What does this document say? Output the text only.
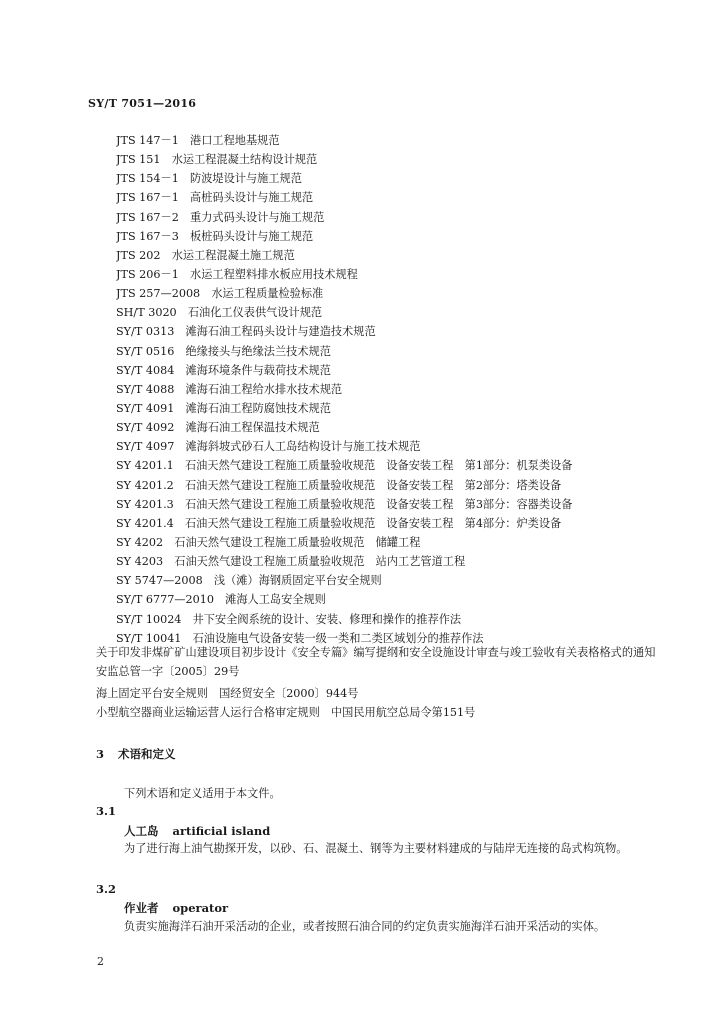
SY/T 7051—2016
JTS 147－1　港口工程地基规范
JTS 151　水运工程混凝土结构设计规范
JTS 154－1　防波堤设计与施工规范
JTS 167－1　高桩码头设计与施工规范
JTS 167－2　重力式码头设计与施工规范
JTS 167－3　板桩码头设计与施工规范
JTS 202　水运工程混凝土施工规范
JTS 206－1　水运工程塑料排水板应用技术规程
JTS 257—2008　水运工程质量检验标准
SH/T 3020　石油化工仪表供气设计规范
SY/T 0313　滩海石油工程码头设计与建造技术规范
SY/T 0516　绝缘接头与绝缘法兰技术规范
SY/T 4084　滩海环境条件与载荷技术规范
SY/T 4088　滩海石油工程给水排水技术规范
SY/T 4091　滩海石油工程防腐蚀技术规范
SY/T 4092　滩海石油工程保温技术规范
SY/T 4097　滩海斜坡式砂石人工岛结构设计与施工技术规范
SY 4201.1　石油天然气建设工程施工质量验收规范　设备安装工程　第1部分：机泵类设备
SY 4201.2　石油天然气建设工程施工质量验收规范　设备安装工程　第2部分：塔类设备
SY 4201.3　石油天然气建设工程施工质量验收规范　设备安装工程　第3部分：容器类设备
SY 4201.4　石油天然气建设工程施工质量验收规范　设备安装工程　第4部分：炉类设备
SY 4202　石油天然气建设工程施工质量验收规范　储罐工程
SY 4203　石油天然气建设工程施工质量验收规范　站内工艺管道工程
SY 5747—2008　浅（滩）海钢质固定平台安全规则
SY/T 6777—2010　滩海人工岛安全规则
SY/T 10024　井下安全阀系统的设计、安装、修理和操作的推荐作法
SY/T 10041　石油设施电气设备安装一级一类和二类区域划分的推荐作法
关于印发非煤矿矿山建设项目初步设计《安全专篇》编写提纲和安全设施设计审查与竣工验收有关表格格式的通知　安监总管一字〔2005〕29号
海上固定平台安全规则　国经贸安全〔2000〕944号
小型航空器商业运输运营人运行合格审定规则　中国民用航空总局令第151号
3 术语和定义
下列术语和定义适用于本文件。
3.1
人工岛 artificial island
为了进行海上油气勘探开发，以砂、石、混凝土、钢等为主要材料建成的与陆岸无连接的岛式构筑物。
3.2
作业者 operator
负责实施海洋石油开采活动的企业，或者按照石油合同的约定负责实施海洋石油开采活动的实体。
2
